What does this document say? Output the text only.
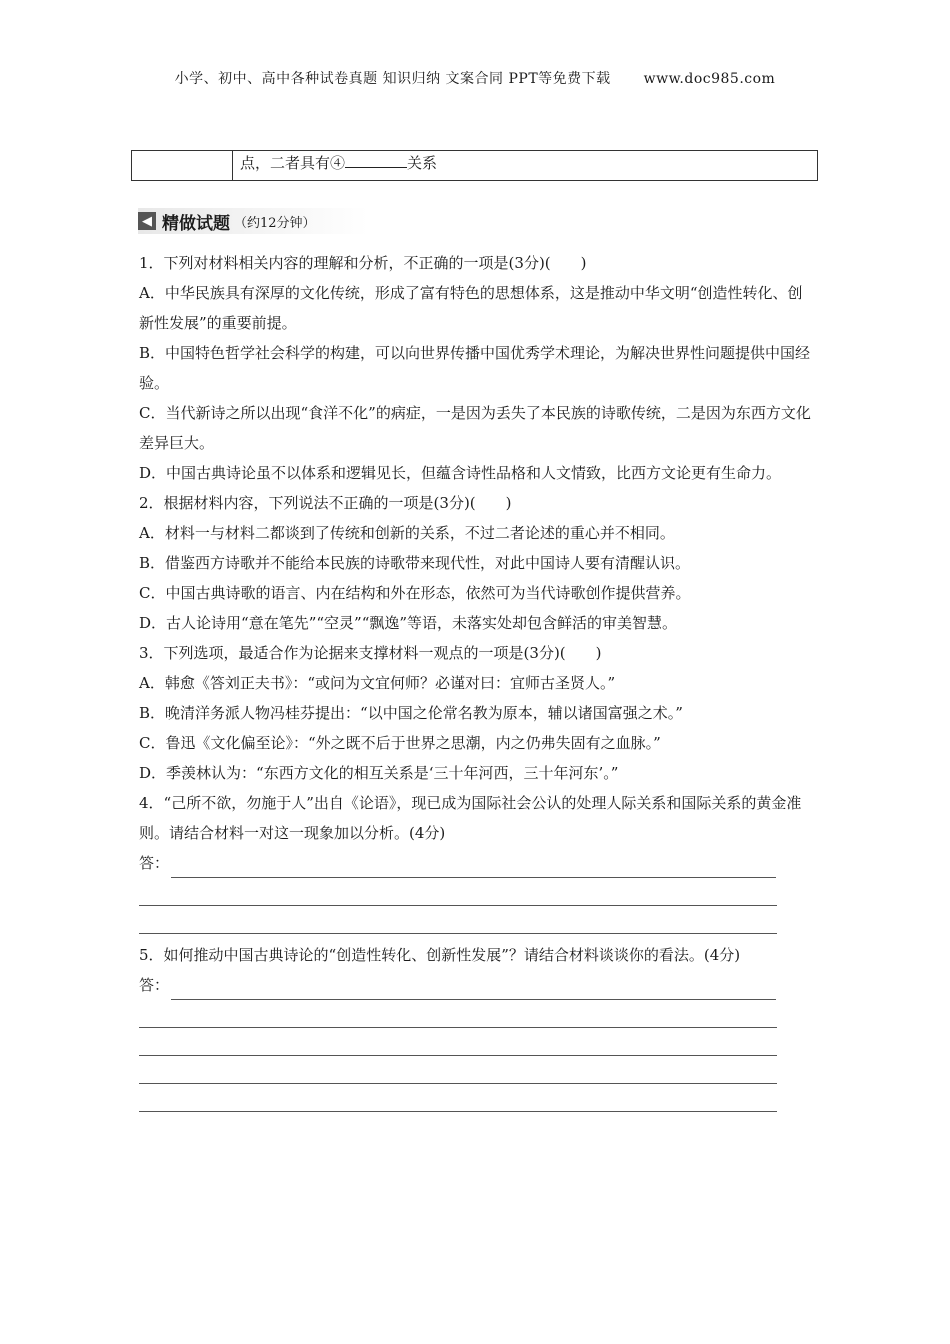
小学、初中、高中各种试卷真题 知识归纳 文案合同 PPT等免费下载 www.doc985.com
点，二者具有④	关系
◀ 精做试题 （约12分钟）

1．下列对材料相关内容的理解和分析，不正确的一项是(3分)(　　)

A．中华民族具有深厚的文化传统，形成了富有特色的思想体系，这是推动中华文明“创造性转化、创新性发展”的重要前提。

B．中国特色哲学社会科学的构建，可以向世界传播中国优秀学术理论，为解决世界性问题提供中国经验。

C．当代新诗之所以出现“食洋不化”的病症，一是因为丢失了本民族的诗歌传统，二是因为东西方文化差异巨大。

D．中国古典诗论虽不以体系和逻辑见长，但蕴含诗性品格和人文情致，比西方文论更有生命力。

2．根据材料内容，下列说法不正确的一项是(3分)(　　)

A．材料一与材料二都谈到了传统和创新的关系，不过二者论述的重心并不相同。

B．借鉴西方诗歌并不能给本民族的诗歌带来现代性，对此中国诗人要有清醒认识。

C．中国古典诗歌的语言、内在结构和外在形态，依然可为当代诗歌创作提供营养。

D．古人论诗用“意在笔先”“空灵”“飘逸”等语，未落实处却包含鲜活的审美智慧。

3．下列选项，最适合作为论据来支撑材料一观点的一项是(3分)(　　)

A．韩愈《答刘正夫书》：“或问为文宜何师？必谨对曰：宜师古圣贤人。”

B．晚清洋务派人物冯桂芬提出：“以中国之伦常名教为原本，辅以诸国富强之术。”

C．鲁迅《文化偏至论》：“外之既不后于世界之思潮，内之仍弗失固有之血脉。”

D．季羡林认为：“东西方文化的相互关系是‘三十年河西，三十年河东’。”

4．“己所不欲，勿施于人”出自《论语》，现已成为国际社会公认的处理人际关系和国际关系的黄金准则。请结合材料一对这一现象加以分析。(4分)

答：

5．如何推动中国古典诗论的“创造性转化、创新性发展”？请结合材料谈谈你的看法。(4分)

答：
